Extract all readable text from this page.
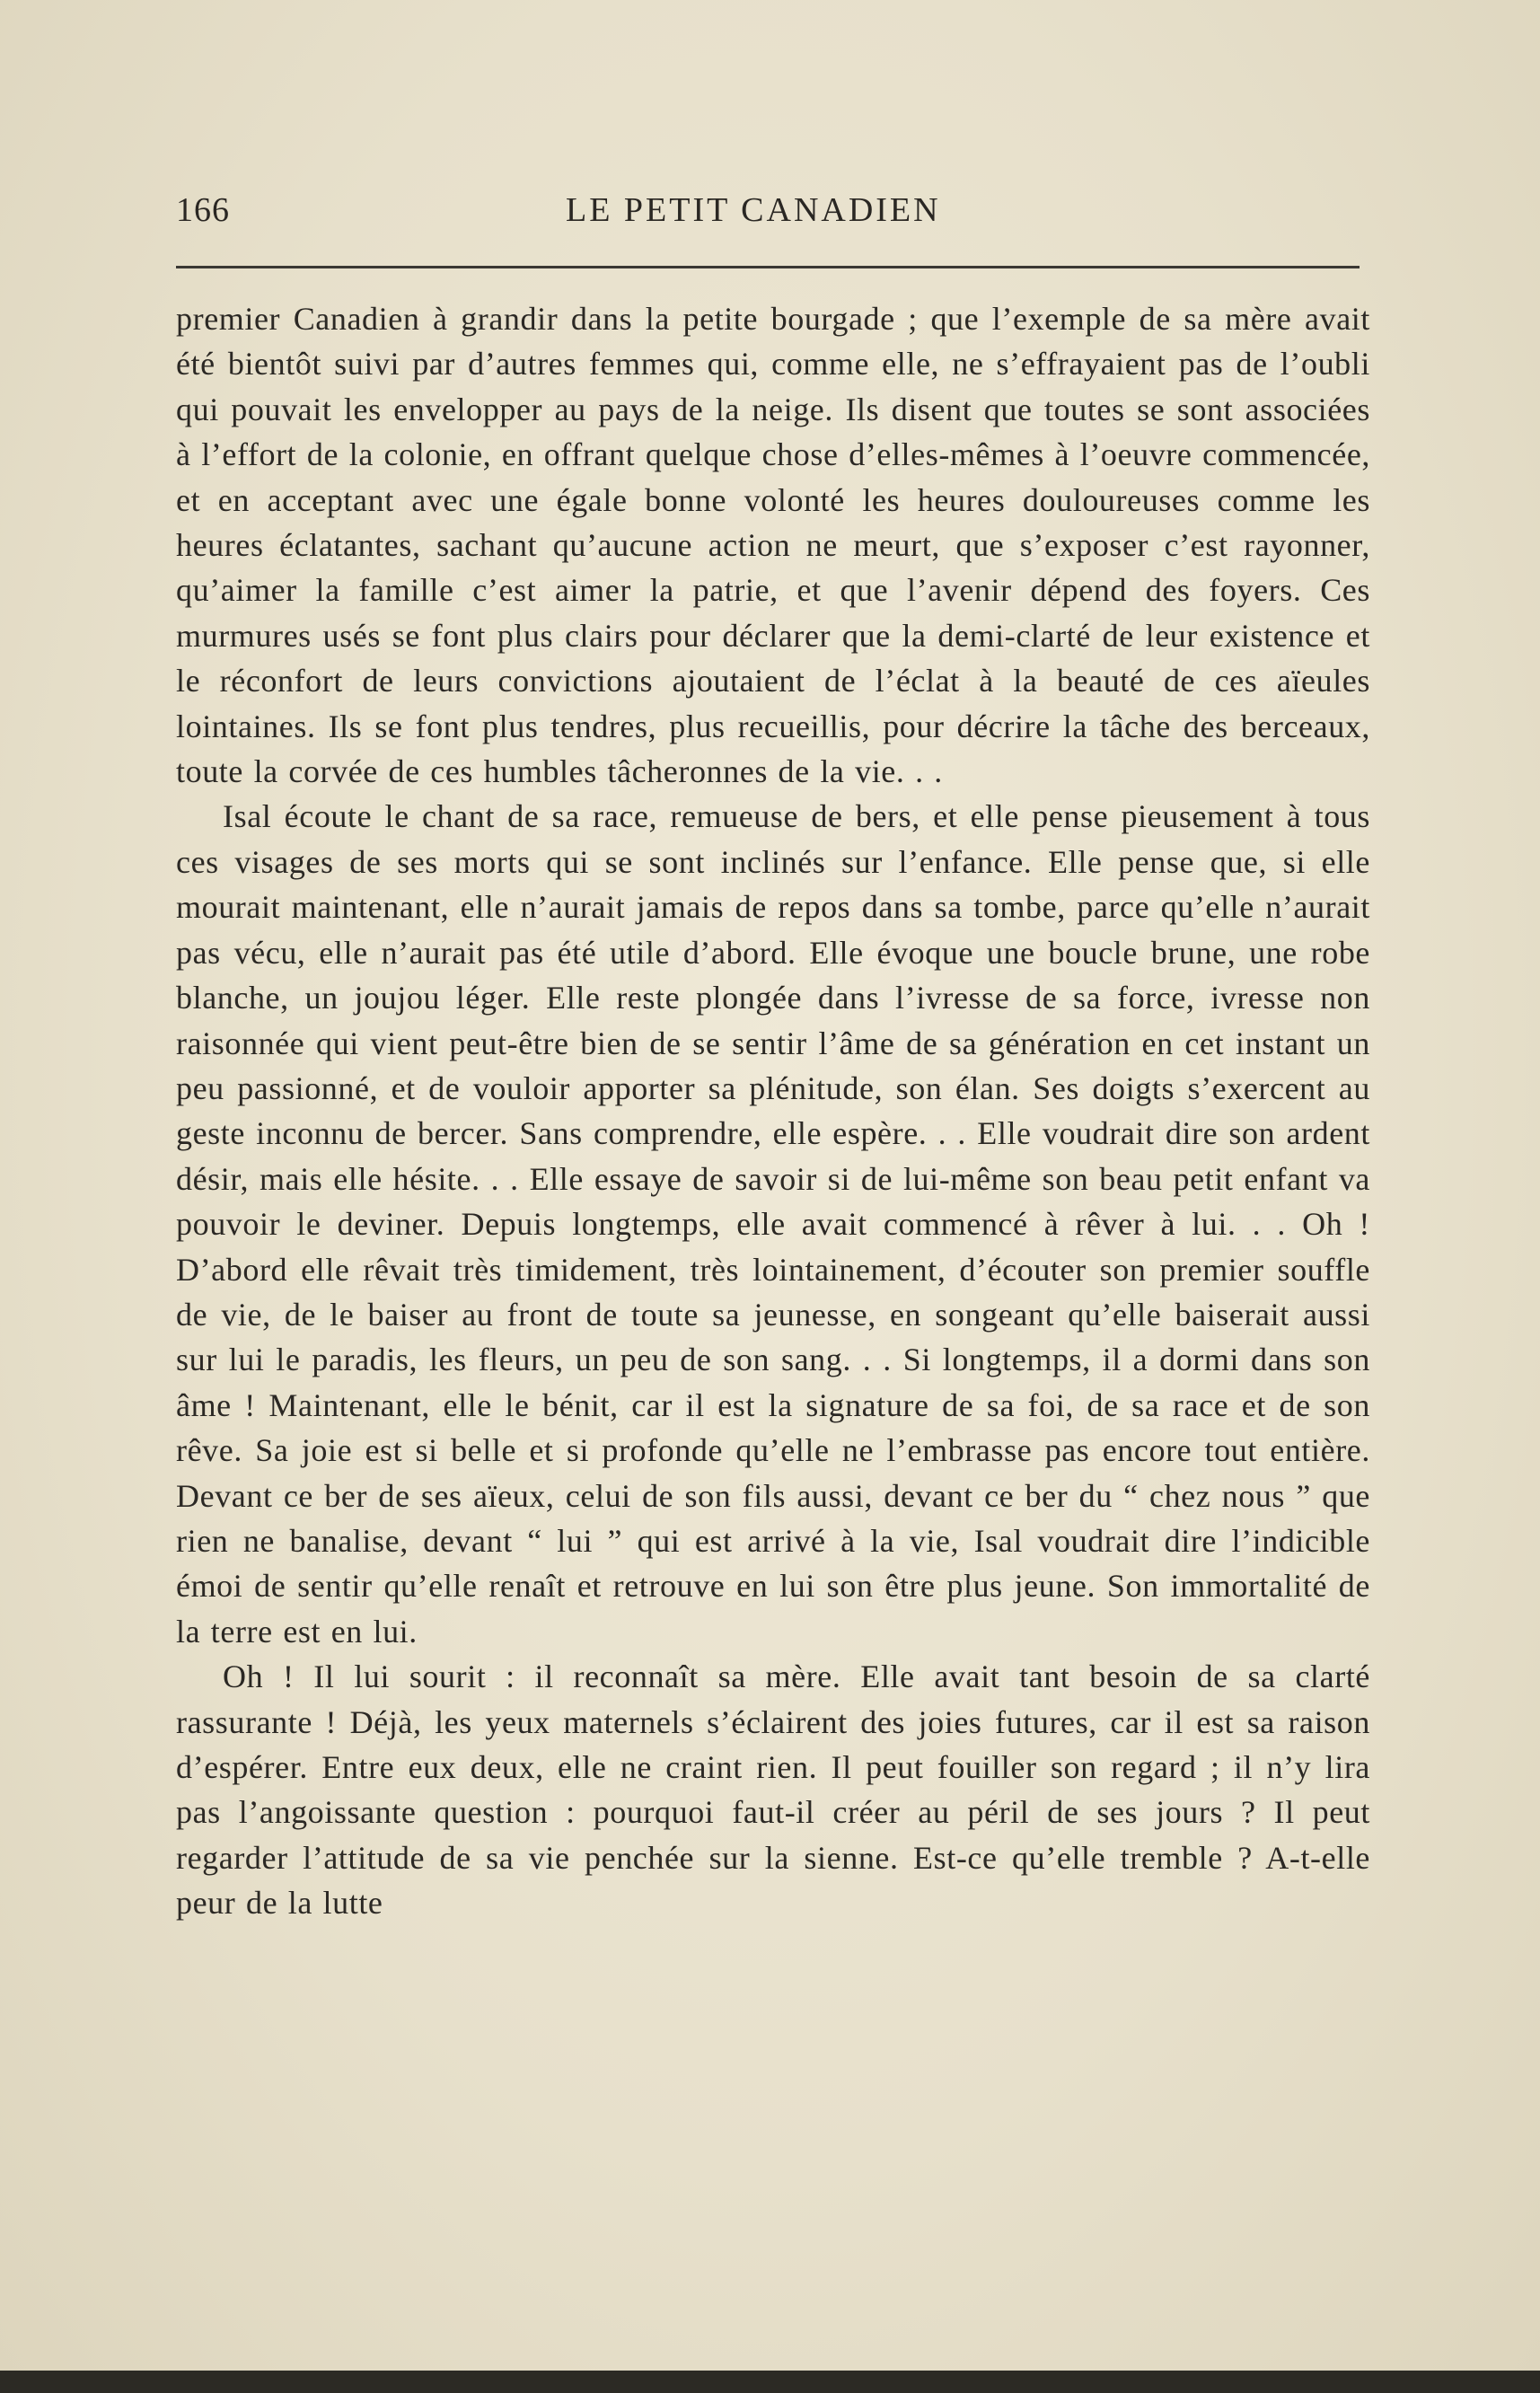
166	LE PETIT CANADIEN

premier Canadien à grandir dans la petite bourgade ; que l’exemple de sa mère avait été bientôt suivi par d’autres femmes qui, comme elle, ne s’effrayaient pas de l’oubli qui pouvait les envelopper au pays de la neige. Ils disent que toutes se sont associées à l’effort de la colonie, en offrant quelque chose d’elles-mêmes à l’oeuvre commencée, et en acceptant avec une égale bonne volonté les heures douloureuses comme les heures éclatantes, sachant qu’aucune action ne meurt, que s’exposer c’est rayonner, qu’aimer la famille c’est aimer la patrie, et que l’avenir dépend des foyers. Ces murmures usés se font plus clairs pour déclarer que la demi-clarté de leur existence et le réconfort de leurs convictions ajoutaient de l’éclat à la beauté de ces aïeules lointaines. Ils se font plus tendres, plus recueillis, pour décrire la tâche des berceaux, toute la corvée de ces humbles tâcheronnes de la vie. . .

Isal écoute le chant de sa race, remueuse de bers, et elle pense pieusement à tous ces visages de ses morts qui se sont inclinés sur l’enfance. Elle pense que, si elle mourait maintenant, elle n’aurait jamais de repos dans sa tombe, parce qu’elle n’aurait pas vécu, elle n’aurait pas été utile d’abord. Elle évoque une boucle brune, une robe blanche, un joujou léger. Elle reste plongée dans l’ivresse de sa force, ivresse non raisonnée qui vient peut-être bien de se sentir l’âme de sa génération en cet instant un peu passionné, et de vouloir apporter sa plénitude, son élan. Ses doigts s’exercent au geste inconnu de bercer. Sans comprendre, elle espère. . . Elle voudrait dire son ardent désir, mais elle hésite. . . Elle essaye de savoir si de lui-même son beau petit enfant va pouvoir le deviner. Depuis longtemps, elle avait commencé à rêver à lui. . . Oh ! D’abord elle rêvait très timidement, très lointainement, d’écouter son premier souffle de vie, de le baiser au front de toute sa jeunesse, en songeant qu’elle baiserait aussi sur lui le paradis, les fleurs, un peu de son sang. . . Si longtemps, il a dormi dans son âme ! Maintenant, elle le bénit, car il est la signature de sa foi, de sa race et de son rêve. Sa joie est si belle et si profonde qu’elle ne l’embrasse pas encore tout entière. Devant ce ber de ses aïeux, celui de son fils aussi, devant ce ber du “ chez nous ” que rien ne banalise, devant “ lui ” qui est arrivé à la vie, Isal voudrait dire l’indicible émoi de sentir qu’elle renaît et retrouve en lui son être plus jeune. Son immortalité de la terre est en lui.

Oh ! Il lui sourit : il reconnaît sa mère. Elle avait tant besoin de sa clarté rassurante ! Déjà, les yeux maternels s’éclairent des joies futures, car il est sa raison d’espérer. Entre eux deux, elle ne craint rien. Il peut fouiller son regard ; il n’y lira pas l’angoissante question : pourquoi faut-il créer au péril de ses jours ? Il peut regarder l’attitude de sa vie penchée sur la sienne. Est-ce qu’elle tremble ? A-t-elle peur de la lutte
